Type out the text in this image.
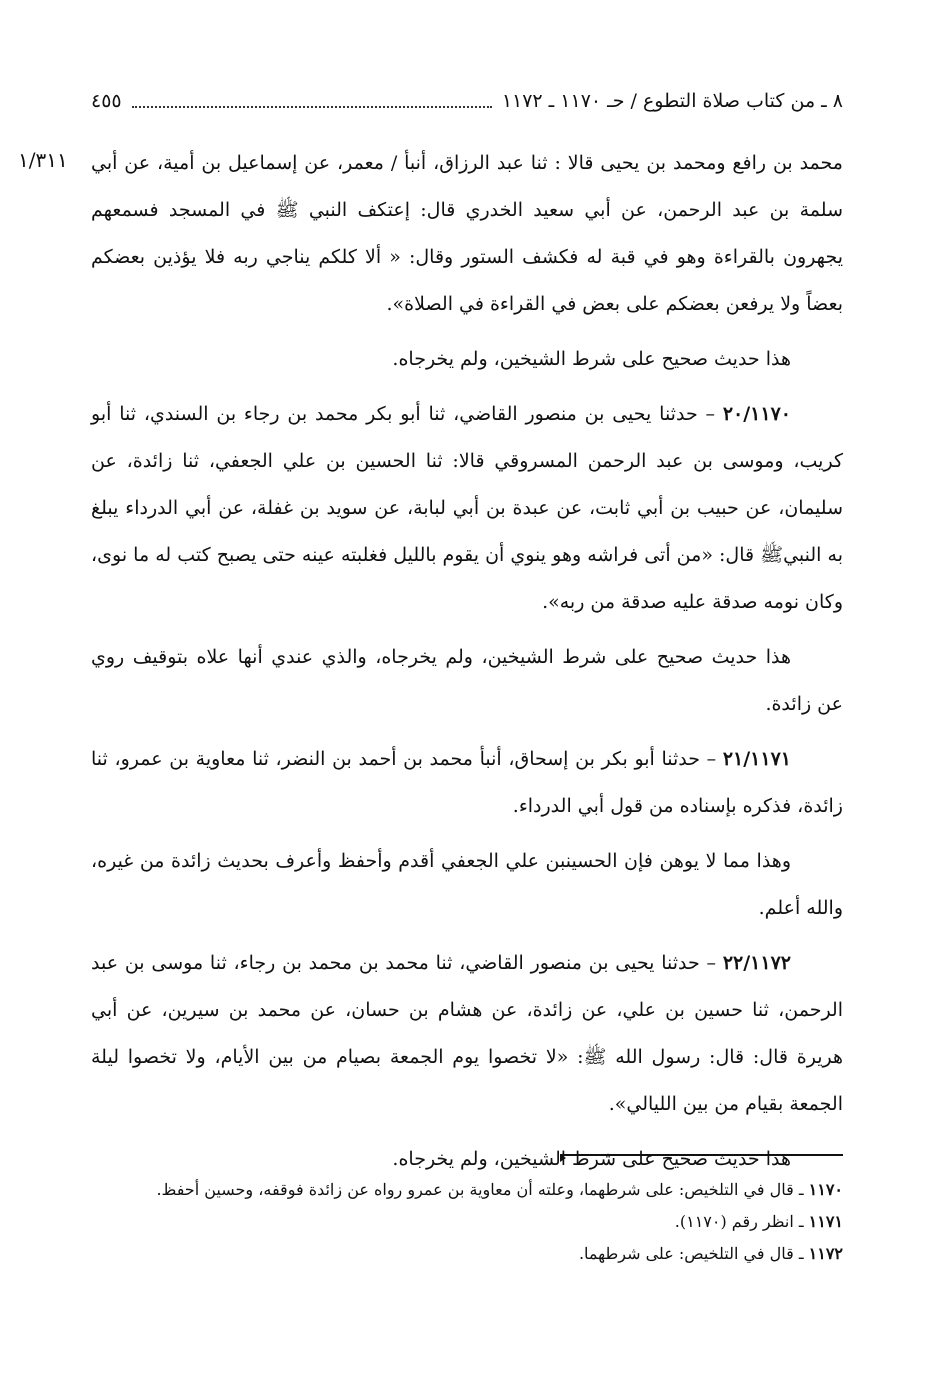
٨ ـ من كتاب صلاة التطوع / حـ ١١٧٠ ـ ١١٧٢
٤٥٥
١/٣١١	محمد بن رافع ومحمد بن يحيى قالا : ثنا عبد الرزاق، أنبأ / معمر، عن إسماعيل بن أمية، عن أبي سلمة بن عبد الرحمن، عن أبي سعيد الخدري قال: إعتكف النبي ﷺ في المسجد فسمعهم يجهرون بالقراءة وهو في قبة له فكشف الستور وقال: « ألا كلكم يناجي ربه فلا يؤذين بعضكم بعضاً ولا يرفعن بعضكم على بعض في القراءة في الصلاة».

هذا حديث صحيح على شرط الشيخين، ولم يخرجاه.

٢٠/١١٧٠ – حدثنا يحيى بن منصور القاضي، ثنا أبو بكر محمد بن رجاء بن السندي، ثنا أبو كريب، وموسى بن عبد الرحمن المسروقي قالا: ثنا الحسين بن علي الجعفي، ثنا زائدة، عن سليمان، عن حبيب بن أبي ثابت، عن عبدة بن أبي لبابة، عن سويد بن غفلة، عن أبي الدرداء يبلغ به النبيﷺ قال: «من أتى فراشه وهو ينوي أن يقوم بالليل فغلبته عينه حتى يصبح كتب له ما نوى، وكان نومه صدقة عليه صدقة من ربه».

هذا حديث صحيح على شرط الشيخين، ولم يخرجاه، والذي عندي أنها علاه بتوقيف روي عن زائدة.

٢١/١١٧١ – حدثنا أبو بكر بن إسحاق، أنبأ محمد بن أحمد بن النضر، ثنا معاوية بن عمرو، ثنا زائدة، فذكره بإسناده من قول أبي الدرداء.

وهذا مما لا يوهن فإن الحسينبن علي الجعفي أقدم وأحفظ وأعرف بحديث زائدة من غيره، والله أعلم.

٢٢/١١٧٢ – حدثنا يحيى بن منصور القاضي، ثنا محمد بن محمد بن رجاء، ثنا موسى بن عبد الرحمن، ثنا حسين بن علي، عن زائدة، عن هشام بن حسان، عن محمد بن سيرين، عن أبي هريرة قال: قال: رسول الله ﷺ: «لا تخصوا يوم الجمعة بصيام من بين الأيام، ولا تخصوا ليلة الجمعة بقيام من بين الليالي».

هذا حديث صحيح على شرط الشيخين، ولم يخرجاه.

١١٧٠ ـ قال في التلخيص: على شرطهما، وعلته أن معاوية بن عمرو رواه عن زائدة فوقفه، وحسين أحفظ.

١١٧١ ـ انظر رقم (١١٧٠).

١١٧٢ ـ قال في التلخيص: على شرطهما.
